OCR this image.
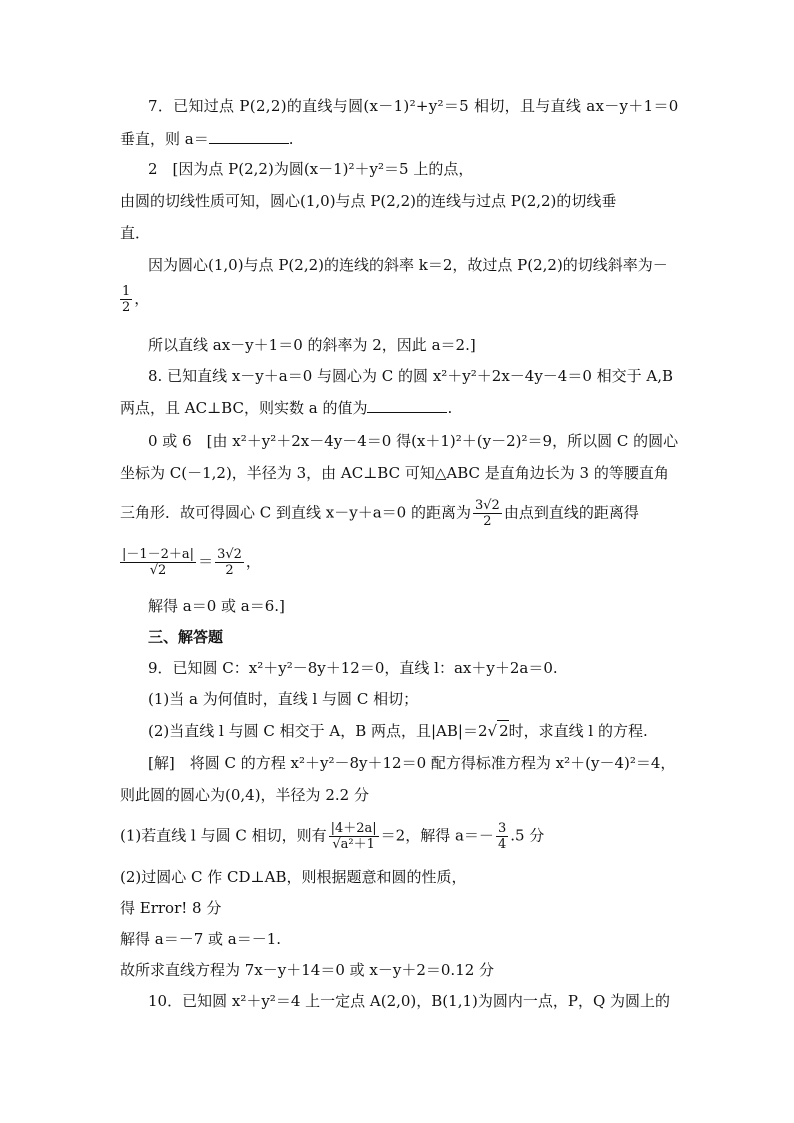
7．已知过点 P(2,2)的直线与圆(x－1)²+y²＝5 相切，且与直线 ax－y＋1＝0
垂直，则 a＝	.
2　[因为点 P(2,2)为圆(x－1)²＋y²＝5 上的点，
由圆的切线性质可知，圆心(1,0)与点 P(2,2)的连线与过点 P(2,2)的切线垂
直．
因为圆心(1,0)与点 P(2,2)的连线的斜率 k＝2，故过点 P(2,2)的切线斜率为－
$\frac{1}{2}$ ，
所以直线 ax－y＋1＝0 的斜率为 2，因此 a＝2.]
8. 已知直线 x－y＋a＝0 与圆心为 C 的圆 x²＋y²＋2x－4y－4＝0 相交于 A,B
两点，且 AC⊥BC，则实数 a 的值为	.
0 或 6　[由 x²＋y²＋2x－4y－4＝0 得(x＋1)²＋(y－2)²＝9，所以圆 C 的圆心
坐标为 C(－1,2)，半径为 3，由 AC⊥BC 可知△ABC 是直角边长为 3 的等腰直角
三角形．故可得圆心 C 到直线 x－y＋a＝0 的距离为 $\frac{3√2}{2}$ 由点到直线的距离得
$\frac{|-1-2+a|}{√2} = \frac{3√2}{2}$ ，
解得 a＝0 或 a＝6.]
三、解答题
9．已知圆 C：x²＋y²－8y＋12＝0，直线 l：ax＋y＋2a＝0.
(1)当 a 为何值时，直线 l 与圆 C 相切；
(2)当直线 l 与圆 C 相交于 A，B 两点，且|AB|＝2√ 2时，求直线 l 的方程.
[解]　 将圆 C 的方程 x²＋y²－8y＋12＝0 配方得标准方程为 x²＋(y－4)²＝4，
则此圆的圆心为(0,4)，半径为 2.2 分
(1)若直线 l 与圆 C 相切，则有 $\frac{|4+2a|}{\text{√a²＋1}} =2$，解得 $a=- \frac{3}{4} .5$ 分
(2)过圆心 C 作 CD⊥AB，则根据题意和圆的性质，
得 Error! 8 分
解得 a＝－7 或 a＝－1.
故所求直线方程为 7x－y＋14＝0 或 x－y＋2＝0.12 分
10．已知圆 x²＋y²＝4 上一定点 A(2,0)，B(1,1)为圆内一点，P，Q 为圆上的
